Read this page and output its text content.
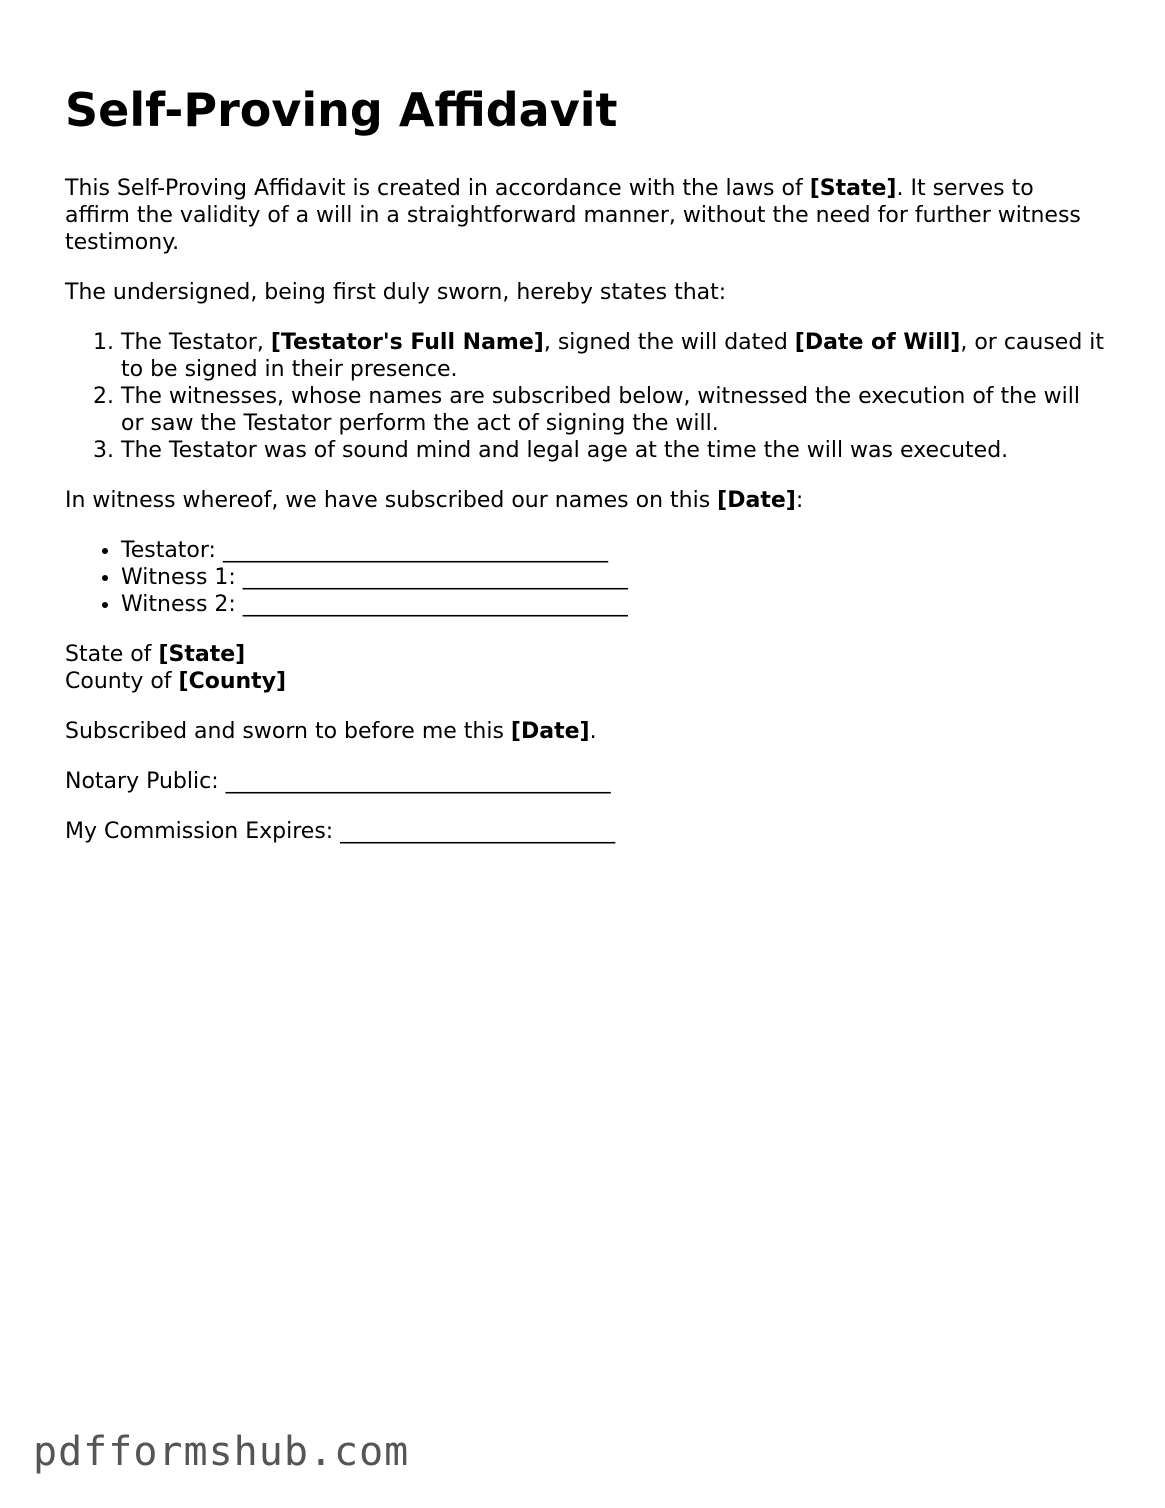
Self-Proving Affidavit

This Self-Proving Affidavit is created in accordance with the laws of [State]. It serves to affirm the validity of a will in a straightforward manner, without the need for further witness testimony.

The undersigned, being first duly sworn, hereby states that:

1. The Testator, [Testator's Full Name], signed the will dated [Date of Will], or caused it to be signed in their presence.
2. The witnesses, whose names are subscribed below, witnessed the execution of the will or saw the Testator perform the act of signing the will.
3. The Testator was of sound mind and legal age at the time the will was executed.

In witness whereof, we have subscribed our names on this [Date]:

• Testator: ___________________________________
• Witness 1: ___________________________________
• Witness 2: ___________________________________

State of [State]
County of [County]

Subscribed and sworn to before me this [Date].

Notary Public: ___________________________________

My Commission Expires: _________________________

pdfformshub.com
